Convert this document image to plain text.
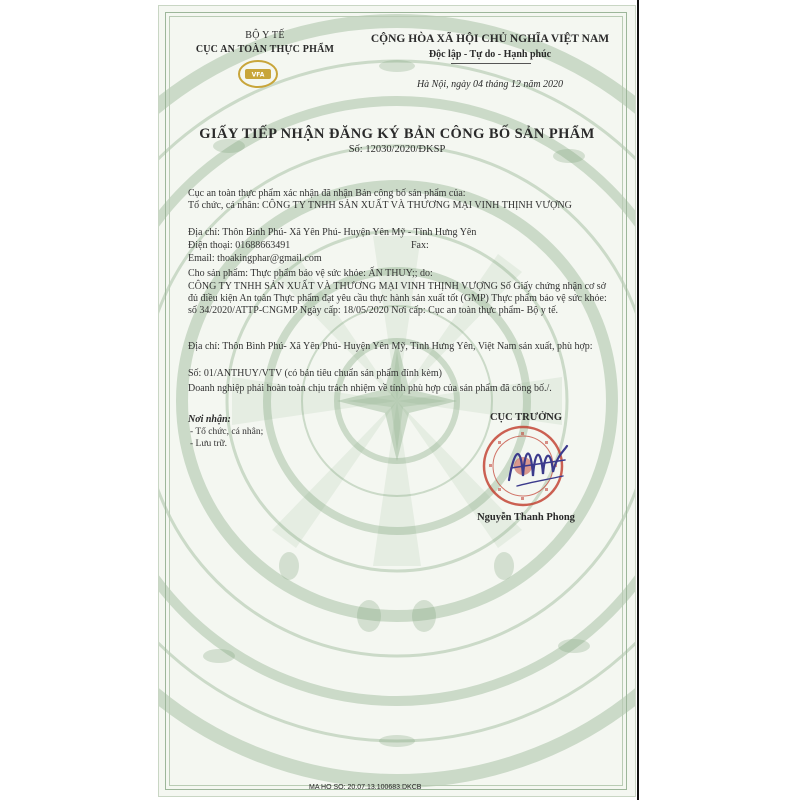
BỘ Y TẾ
CỤC AN TOÀN THỰC PHẨM
VFA
CỘNG HÒA XÃ HỘI CHỦ NGHĨA VIỆT NAM
Độc lập - Tự do - Hạnh phúc
Hà Nội, ngày 04 tháng 12 năm 2020
GIẤY TIẾP NHẬN ĐĂNG KÝ BẢN CÔNG BỐ SẢN PHẨM
Số: 12030/2020/ĐKSP
Cục an toàn thực phẩm xác nhận đã nhận Bản công bố sản phẩm của:
Tổ chức, cá nhân: CÔNG TY TNHH SẢN XUẤT VÀ THƯƠNG MẠI VINH THỊNH VƯỢNG
Địa chỉ: Thôn Bình Phú- Xã Yên Phú- Huyện Yên Mỹ - Tỉnh Hưng Yên
Điện thoại: 01688663491	Fax:
Email: thoakingphar@gmail.com
Cho sản phẩm: Thực phẩm bảo vệ sức khỏe: ẤN THUY;; do:
CÔNG TY TNHH SẢN XUẤT VÀ THƯƠNG MẠI VINH THỊNH VƯỢNG Số Giấy chứng nhận cơ sở đủ điều kiện An toàn Thực phẩm đạt yêu cầu thực hành sản xuất tốt (GMP) Thực phẩm bảo vệ sức khỏe: số 34/2020/ATTP-CNGMP Ngày cấp: 18/05/2020 Nơi cấp: Cục an toàn thực phẩm- Bộ y tế.
Địa chỉ: Thôn Bình Phú- Xã Yên Phú- Huyện Yên Mỹ, Tỉnh Hưng Yên, Việt Nam sản xuất, phù hợp:
Số: 01/ANTHUY/VTV (có bản tiêu chuẩn sản phẩm đính kèm)
Doanh nghiệp phải hoàn toàn chịu trách nhiệm về tính phù hợp của sản phẩm đã công bố./.
Nơi nhận:
- Tổ chức, cá nhân;
- Lưu trữ.
CỤC TRƯỞNG
Nguyễn Thanh Phong
MA HO SO: 20.07.13.100683.DKCB
